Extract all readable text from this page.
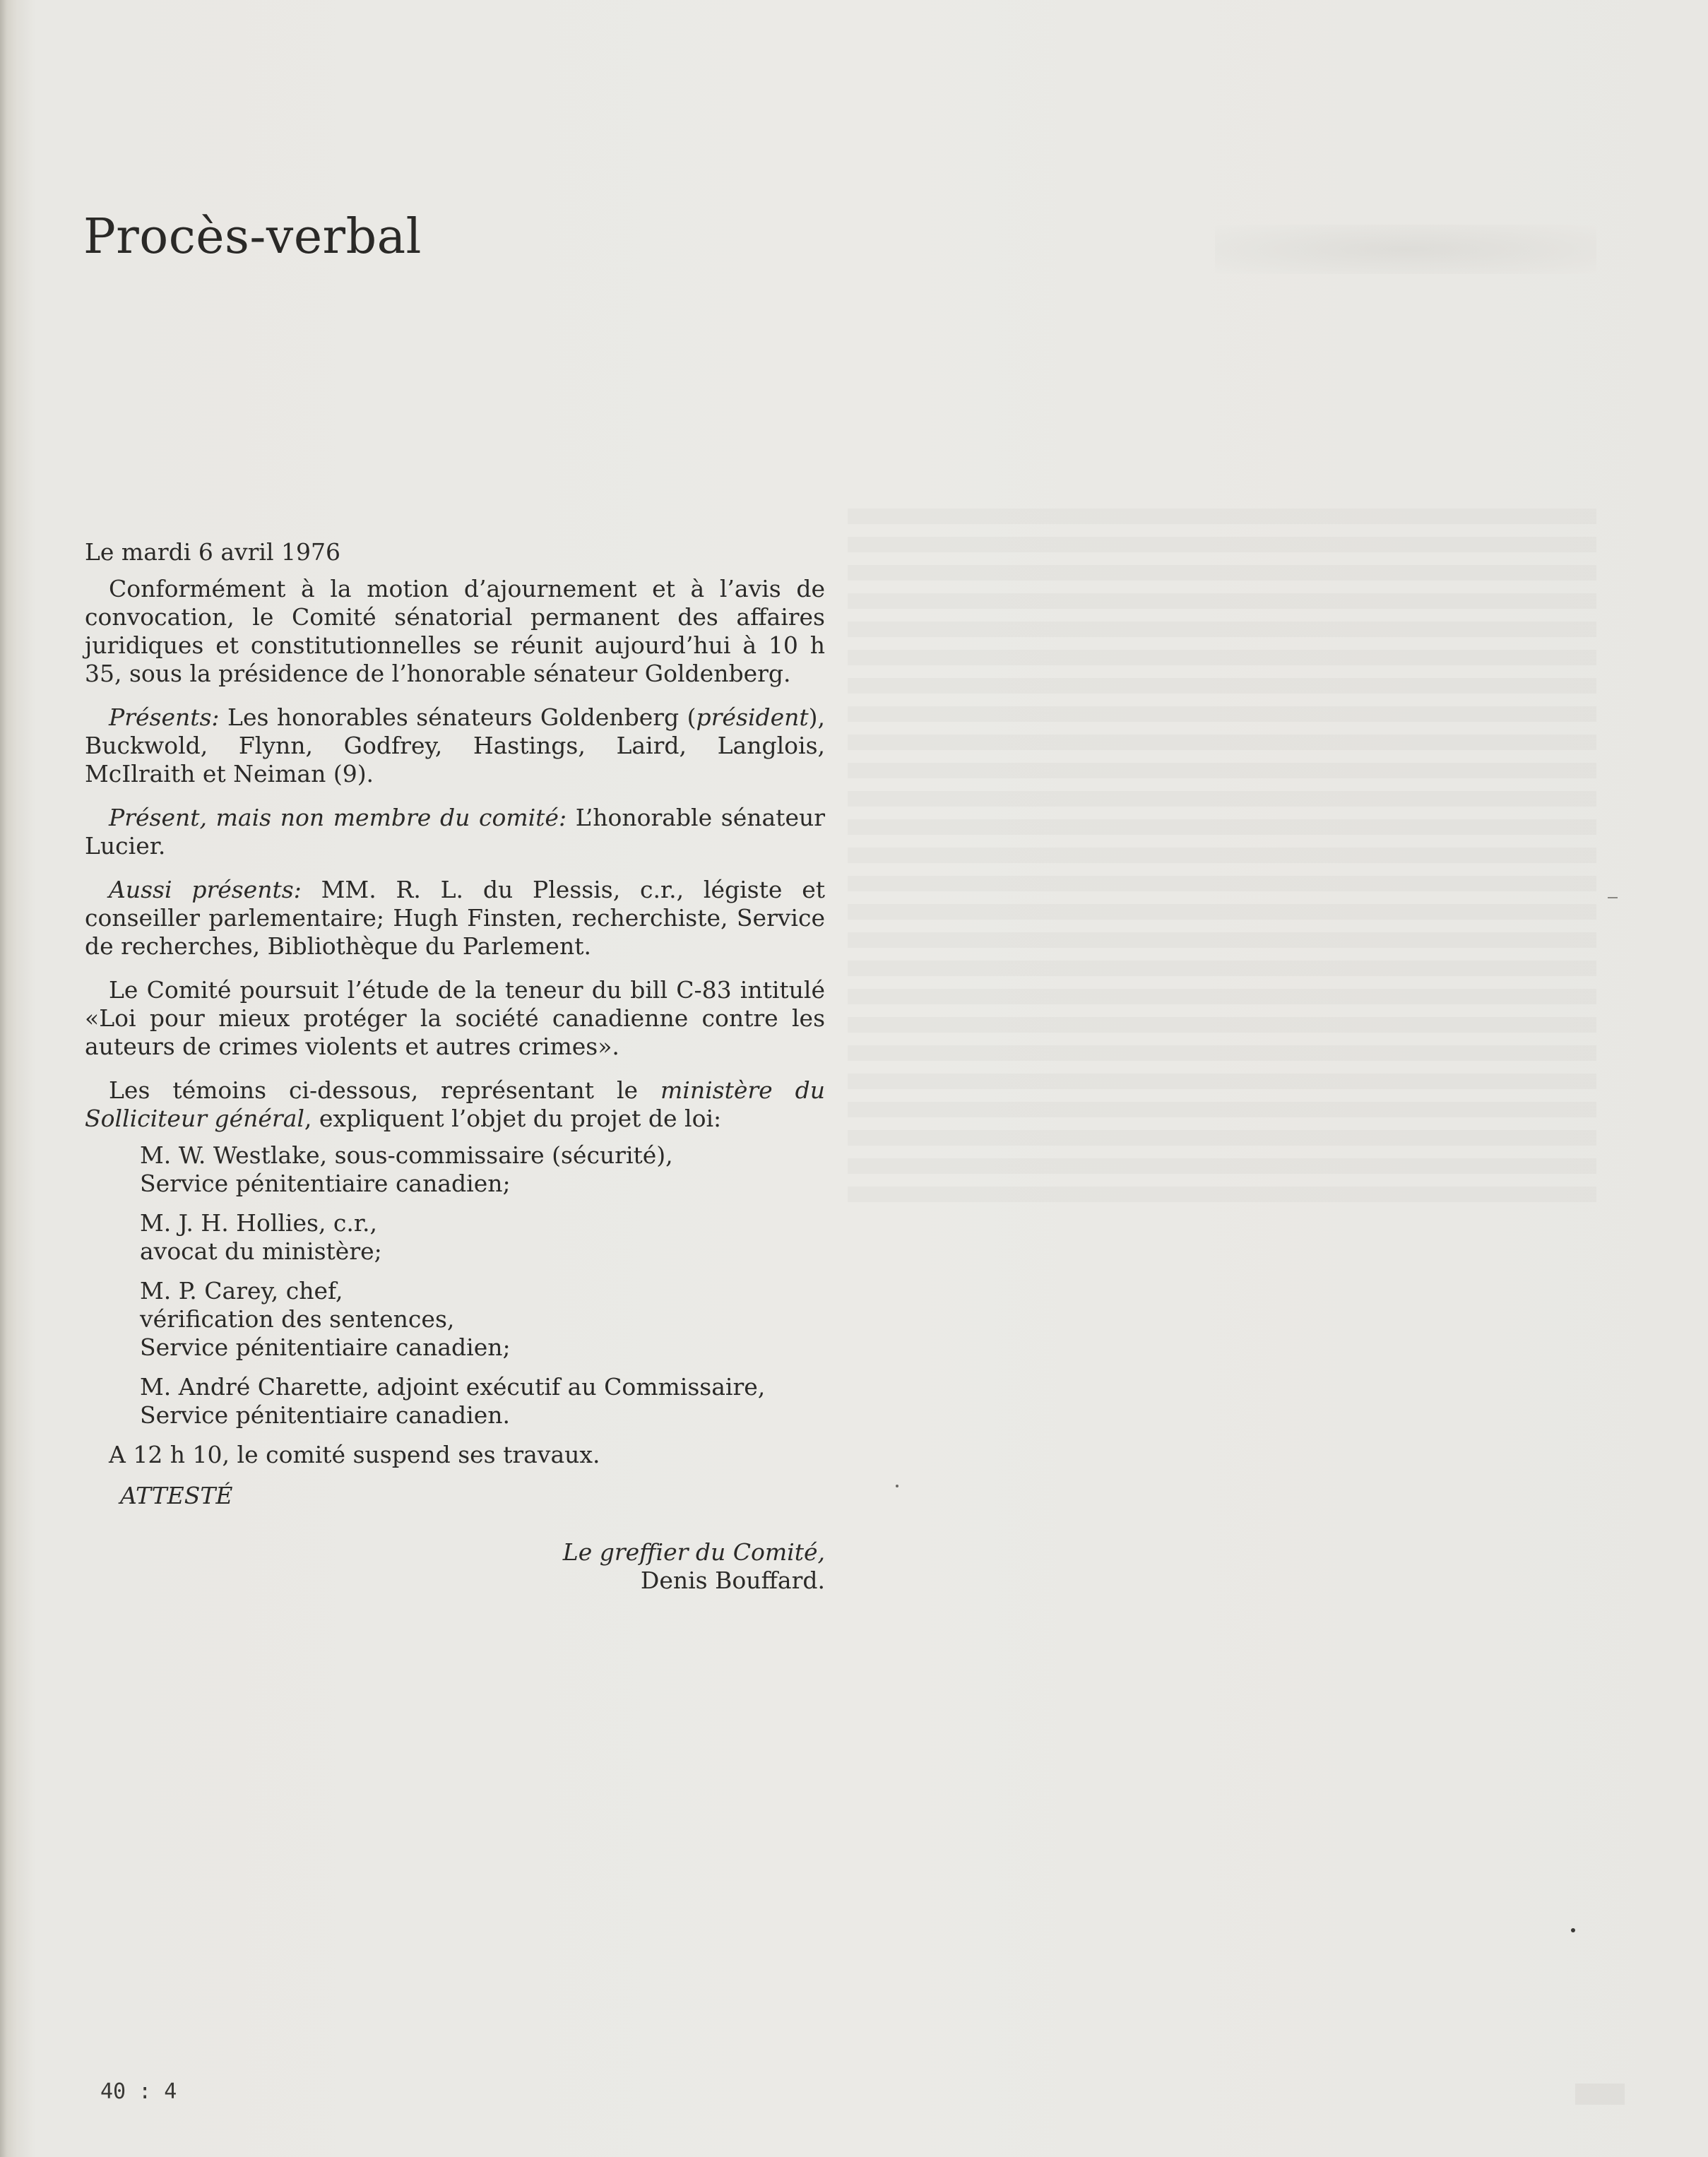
Procès-verbal

Le mardi 6 avril 1976

Conformément à la motion d’ajournement et à l’avis de convocation, le Comité sénatorial permanent des affaires juridiques et constitutionnelles se réunit aujourd’hui à 10 h 35, sous la présidence de l’honorable sénateur Goldenberg.

Présents: Les honorables sénateurs Goldenberg (président), Buckwold, Flynn, Godfrey, Hastings, Laird, Langlois, McIlraith et Neiman (9).

Présent, mais non membre du comité: L’honorable sénateur Lucier.

Aussi présents: MM. R. L. du Plessis, c.r., légiste et conseiller parlementaire; Hugh Finsten, recherchiste, Service de recherches, Bibliothèque du Parlement.

Le Comité poursuit l’étude de la teneur du bill C-83 intitulé «Loi pour mieux protéger la société canadienne contre les auteurs de crimes violents et autres crimes».

Les témoins ci-dessous, représentant le ministère du Solliciteur général, expliquent l’objet du projet de loi:

M. W. Westlake, sous-commissaire (sécurité),
Service pénitentiaire canadien;

M. J. H. Hollies, c.r.,
avocat du ministère;

M. P. Carey, chef,
vérification des sentences,
Service pénitentiaire canadien;

M. André Charette, adjoint exécutif au Commissaire,
Service pénitentiaire canadien.

A 12 h 10, le comité suspend ses travaux.

ATTESTÉ

Le greffier du Comité,

Denis Bouffard.

40 : 4
